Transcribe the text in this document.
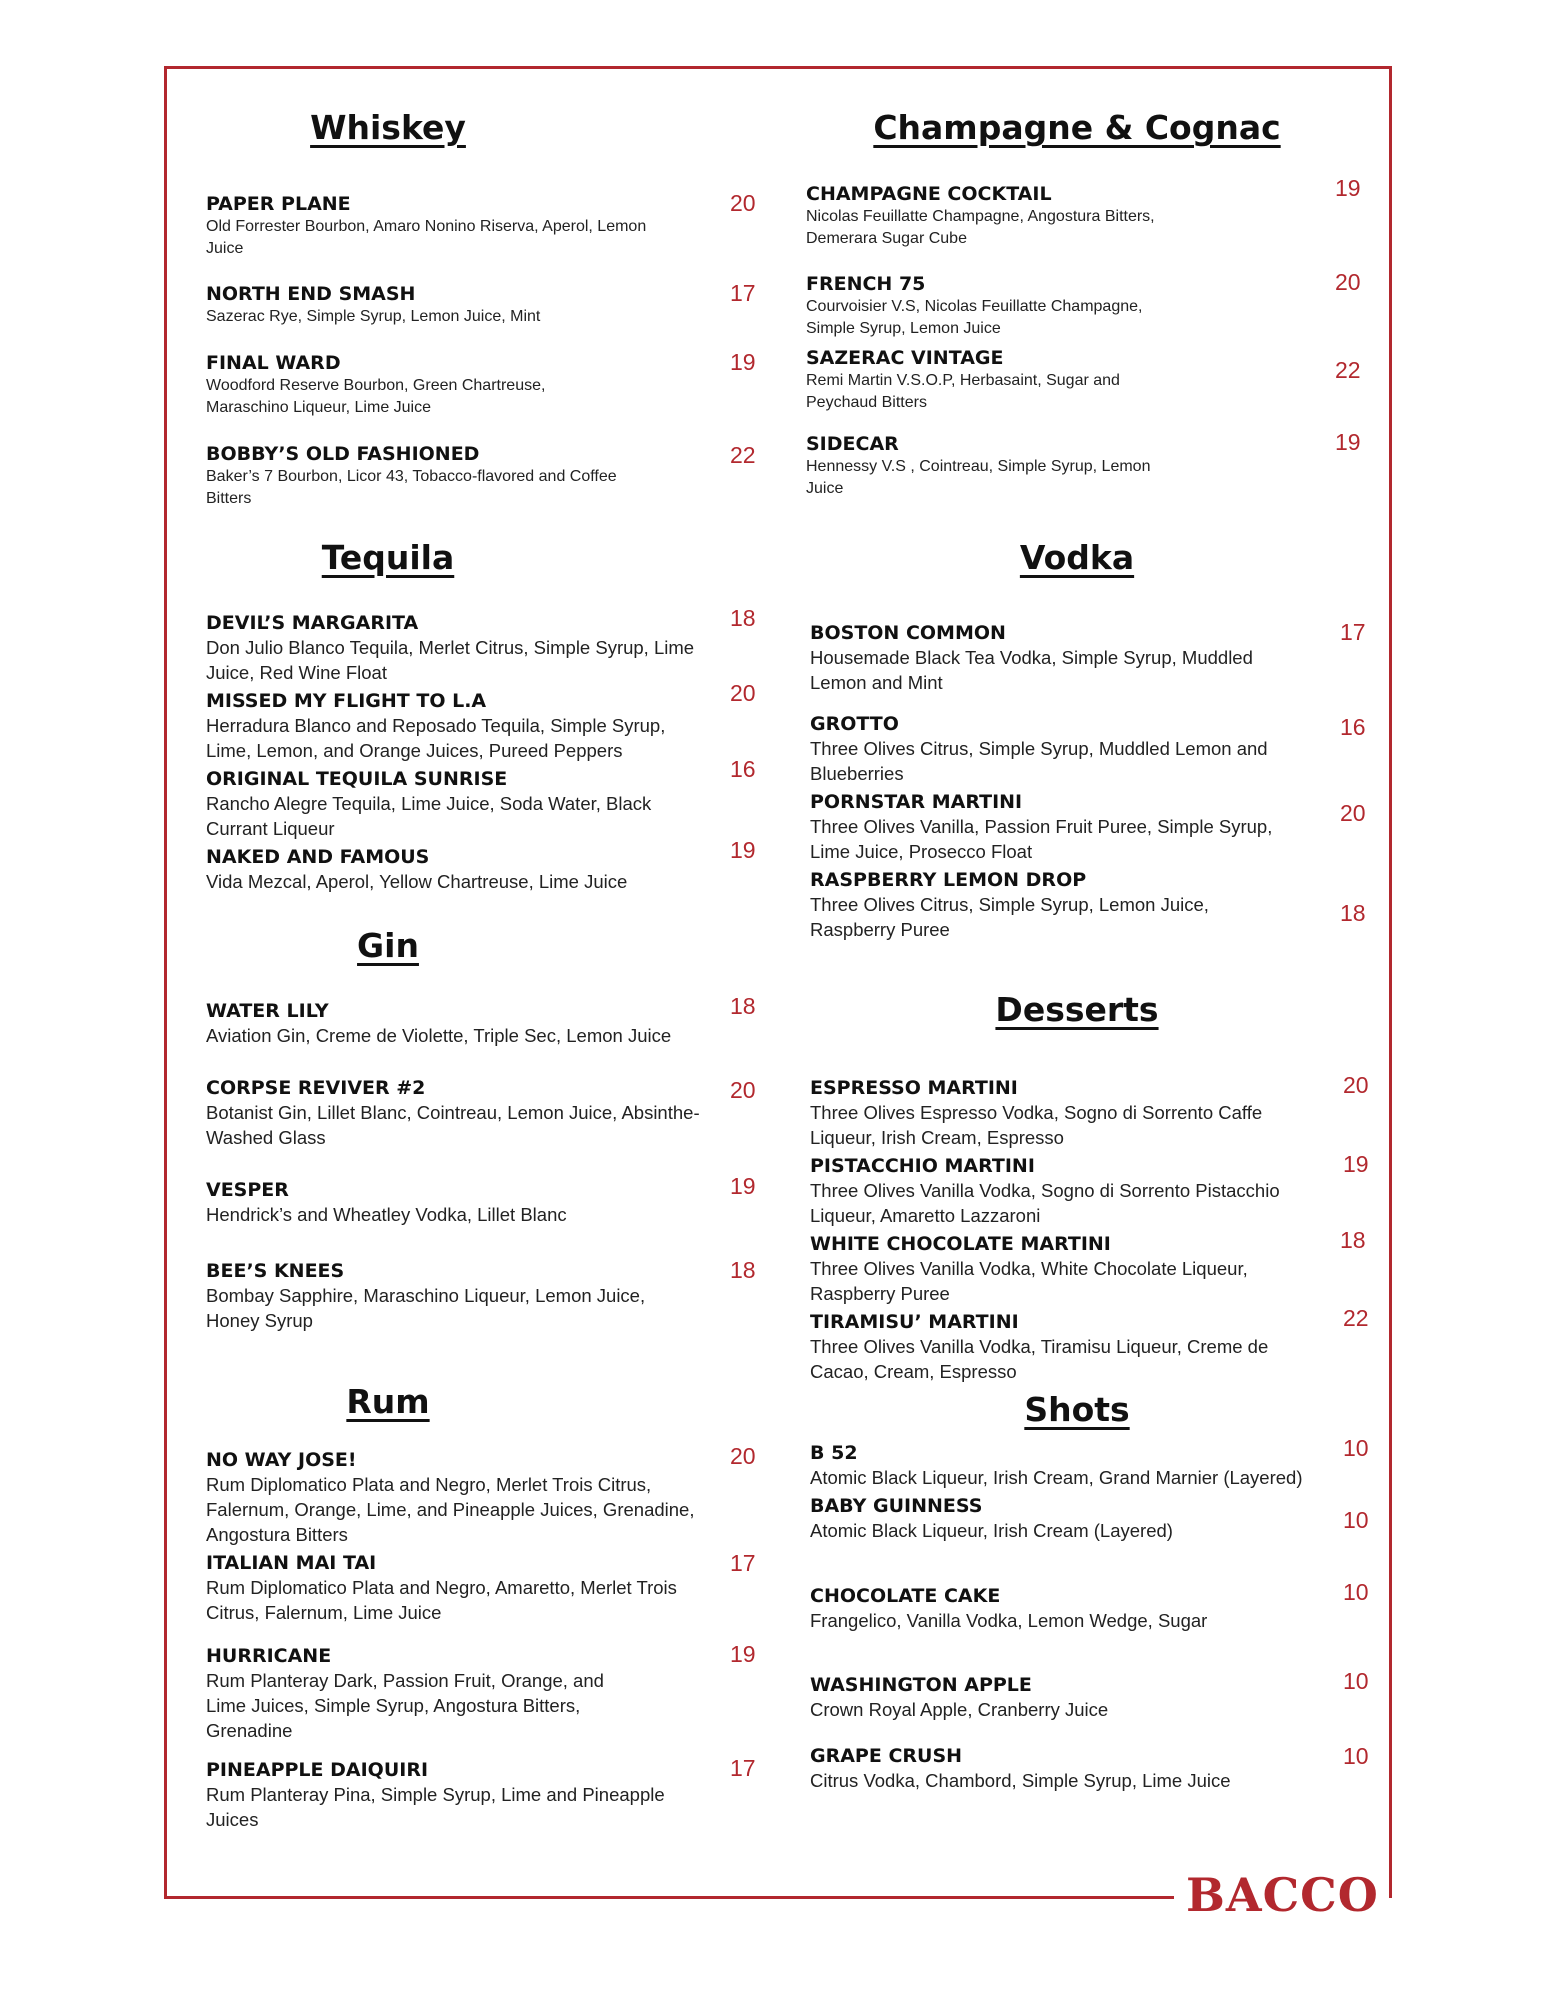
BACCO
Whiskey
PAPER PLANE
Old Forrester Bourbon, Amaro Nonino Riserva, Aperol, Lemon Juice
20
NORTH END SMASH
Sazerac Rye, Simple Syrup, Lemon Juice, Mint
17
FINAL WARD
Woodford Reserve Bourbon, Green Chartreuse, Maraschino Liqueur, Lime Juice
19
BOBBY’S OLD FASHIONED
Baker’s 7 Bourbon, Licor 43, Tobacco-flavored and Coffee Bitters
22
Tequila
DEVIL’S MARGARITA
Don Julio Blanco Tequila, Merlet Citrus, Simple Syrup, Lime Juice, Red Wine Float
18
MISSED MY FLIGHT TO L.A
Herradura Blanco and Reposado Tequila, Simple Syrup, Lime, Lemon, and Orange Juices, Pureed Peppers
20
ORIGINAL TEQUILA SUNRISE
Rancho Alegre Tequila, Lime Juice, Soda Water, Black Currant Liqueur
16
NAKED AND FAMOUS
Vida Mezcal, Aperol, Yellow Chartreuse, Lime Juice
19
Gin
WATER LILY
Aviation Gin, Creme de Violette, Triple Sec, Lemon Juice
18
CORPSE REVIVER #2
Botanist Gin, Lillet Blanc, Cointreau, Lemon Juice, Absinthe-Washed Glass
20
VESPER
Hendrick’s and Wheatley Vodka, Lillet Blanc
19
BEE’S KNEES
Bombay Sapphire, Maraschino Liqueur, Lemon Juice, Honey Syrup
18
Rum
NO WAY JOSE!
Rum Diplomatico Plata and Negro, Merlet Trois Citrus, Falernum, Orange, Lime, and Pineapple Juices, Grenadine, Angostura Bitters
20
ITALIAN MAI TAI
Rum Diplomatico Plata and Negro, Amaretto, Merlet Trois Citrus, Falernum, Lime Juice
17
HURRICANE
Rum Planteray Dark, Passion Fruit, Orange, and Lime Juices, Simple Syrup, Angostura Bitters, Grenadine
19
PINEAPPLE DAIQUIRI
Rum Planteray Pina, Simple Syrup, Lime and Pineapple Juices
17
Champagne & Cognac
CHAMPAGNE COCKTAIL
Nicolas Feuillatte Champagne, Angostura Bitters, Demerara Sugar Cube
19
FRENCH 75
Courvoisier V.S, Nicolas Feuillatte Champagne, Simple Syrup, Lemon Juice
20
SAZERAC VINTAGE
Remi Martin V.S.O.P, Herbasaint, Sugar and Peychaud Bitters
22
SIDECAR
Hennessy V.S , Cointreau, Simple Syrup, Lemon Juice
19
Vodka
BOSTON COMMON
Housemade Black Tea Vodka, Simple Syrup, Muddled Lemon and Mint
17
GROTTO
Three Olives Citrus, Simple Syrup, Muddled Lemon and Blueberries
16
PORNSTAR MARTINI
Three Olives Vanilla, Passion Fruit Puree, Simple Syrup, Lime Juice, Prosecco Float
20
RASPBERRY LEMON DROP
Three Olives Citrus, Simple Syrup, Lemon Juice, Raspberry Puree
18
Desserts
ESPRESSO MARTINI
Three Olives Espresso Vodka, Sogno di Sorrento Caffe Liqueur, Irish Cream, Espresso
20
PISTACCHIO MARTINI
Three Olives Vanilla Vodka, Sogno di Sorrento Pistacchio Liqueur, Amaretto Lazzaroni
19
WHITE CHOCOLATE MARTINI
Three Olives Vanilla Vodka, White Chocolate Liqueur, Raspberry Puree
18
TIRAMISU’ MARTINI
Three Olives Vanilla Vodka, Tiramisu Liqueur, Creme de Cacao, Cream, Espresso
22
Shots
B 52
Atomic Black Liqueur, Irish Cream, Grand Marnier (Layered)
10
BABY GUINNESS
Atomic Black Liqueur, Irish Cream (Layered)	10
CHOCOLATE CAKE
Frangelico, Vanilla Vodka, Lemon Wedge, Sugar
10
WASHINGTON APPLE
Crown Royal Apple, Cranberry Juice
10
GRAPE CRUSH
Citrus Vodka, Chambord, Simple Syrup, Lime Juice
10
